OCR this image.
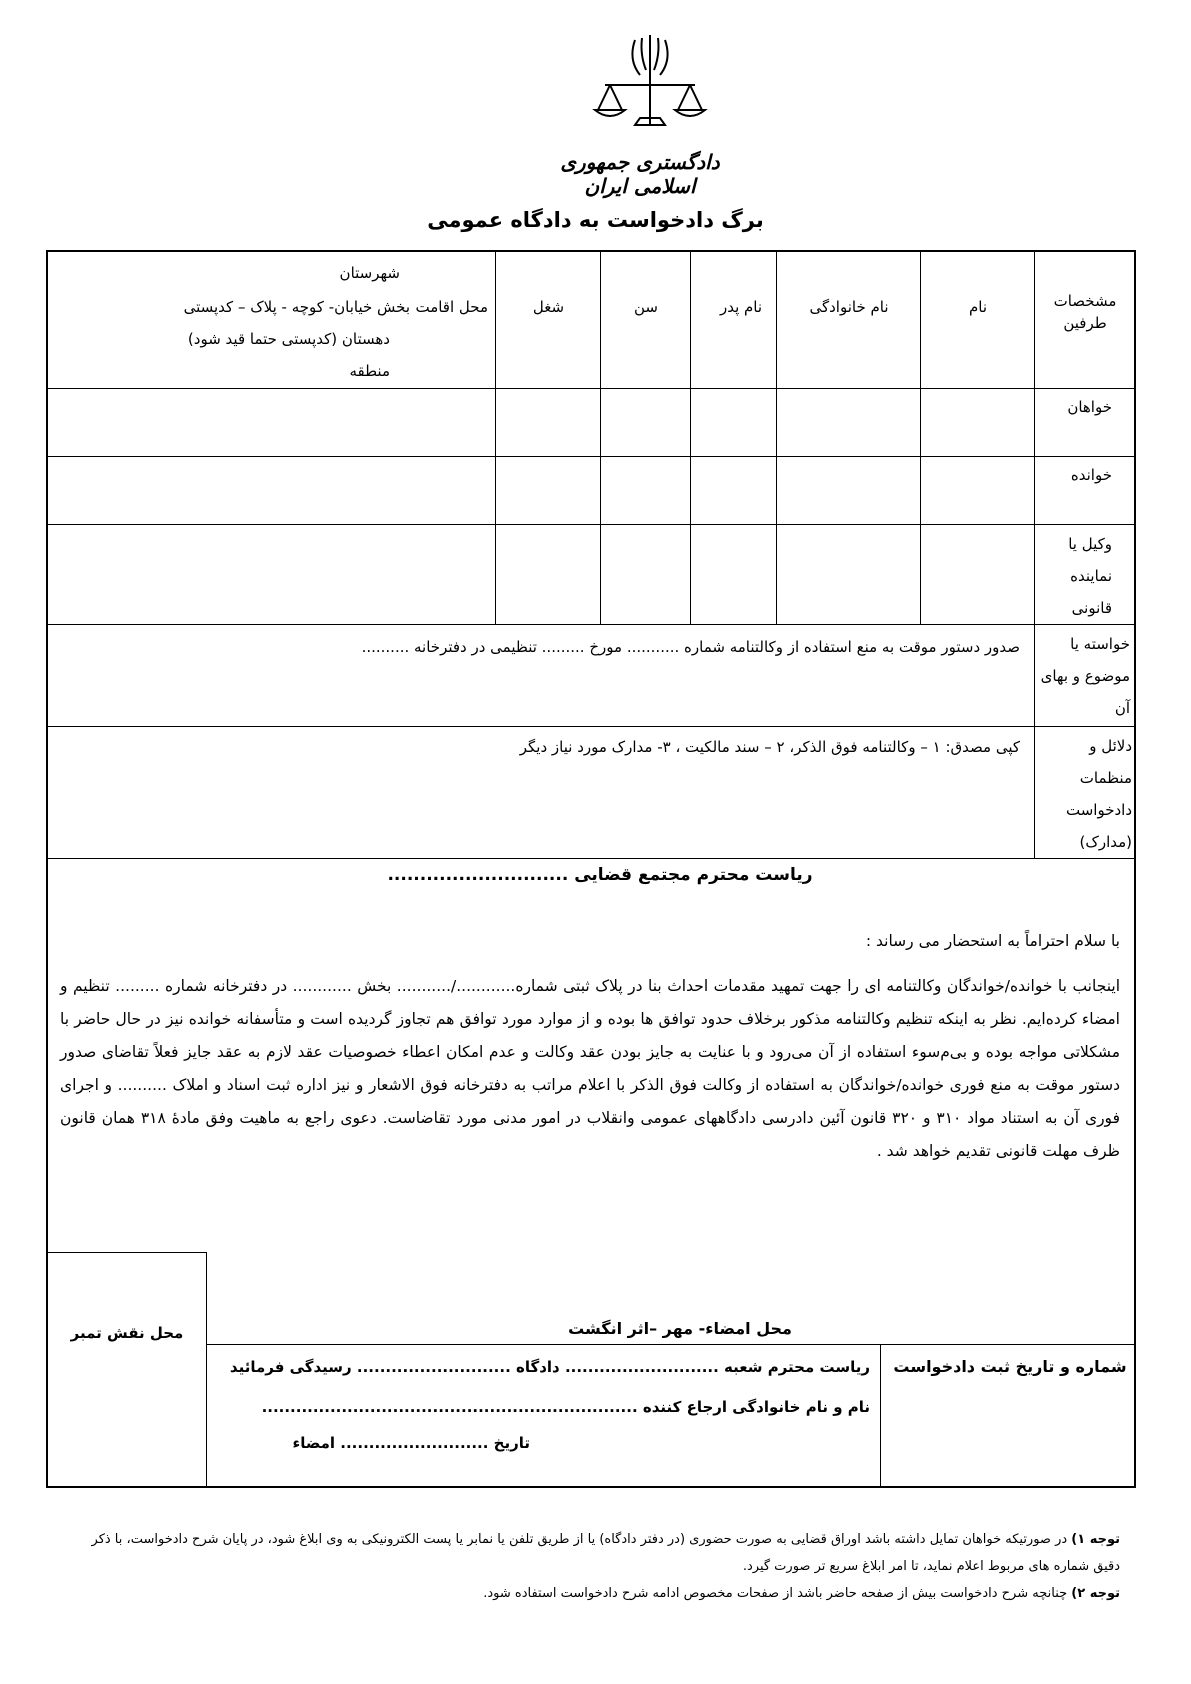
دادگستری جمهوری اسلامی ایران
برگ دادخواست به دادگاه عمومی
مشخصات طرفین
نام
نام خانوادگی
نام پدر
سن
شغل
محل اقامت
شهرستان
بخش خیابان- کوچه - پلاک – کدپستی
دهستان (کدپستی حتما قید شود)
منطقه
خواهان
خوانده
وکیل یا نماینده قانونی
خواسته یا موضوع و بهای آن
صدور دستور موقت به منع استفاده از وکالتنامه شماره ........... مورخ ......... تنظیمی در دفترخانه ..........
دلائل و منظمات دادخواست (مدارک)
کپی مصدق: ۱ – وکالتنامه فوق الذکر، ۲ – سند مالکیت ، ۳- مدارک مورد نیاز دیگر
ریاست محترم مجتمع قضایی ............................
با سلام احتراماً به استحضار می رساند :
اینجانب با خوانده/خواندگان وکالتنامه ای را جهت تمهید مقدمات احداث بنا در پلاک ثبتی شماره............/........... بخش ............ در دفترخانه شماره ......... تنظیم و امضاء کرده‌ایم. نظر به اینکه تنظیم وکالتنامه مذکور برخلاف حدود توافق ها بوده و از موارد مورد توافق هم تجاوز گردیده است و متأسفانه خوانده نیز در حال حاضر با مشکلاتی مواجه بوده و بی‌م‌سوء استفاده از آن می‌رود و با عنایت به جایز بودن عقد وکالت و عدم امکان اعطاء خصوصیات عقد لازم به عقد جایز فعلاً تقاضای صدور دستور موقت به منع فوری خوانده/خواندگان به استفاده از وکالت فوق الذکر با اعلام مراتب به دفترخانه فوق الاشعار و نیز اداره ثبت اسناد و املاک .......... و اجرای فوری آن به استناد مواد ۳۱۰ و ۳۲۰ قانون آئین دادرسی دادگاههای عمومی وانقلاب در امور مدنی مورد تقاضاست. دعوی راجع به ماهیت وفق مادهٔ ۳۱۸ همان قانون ظرف مهلت قانونی تقدیم خواهد شد .
محل نقش تمبر	محل امضاء- مهر –اثر انگشت
شماره و تاریخ ثبت دادخواست
ریاست محترم شعبه ........................... دادگاه ........................... رسیدگی فرمائید
نام و نام خانوادگی ارجاع کننده ..................................................................
تاریخ .......................... امضاء
توجه ۱) در صورتیکه خواهان تمایل داشته باشد اوراق قضایی به صورت حضوری (در دفتر دادگاه) یا از طریق تلفن یا نمابر یا پست الکترونیکی به وی ابلاغ شود، در پایان شرح دادخواست، با ذکر دقیق شماره های مربوط اعلام نماید، تا امر ابلاغ سریع تر صورت گیرد.
توجه ۲) چنانچه شرح دادخواست بیش از صفحه حاضر باشد از صفحات مخصوص ادامه شرح دادخواست استفاده شود.
